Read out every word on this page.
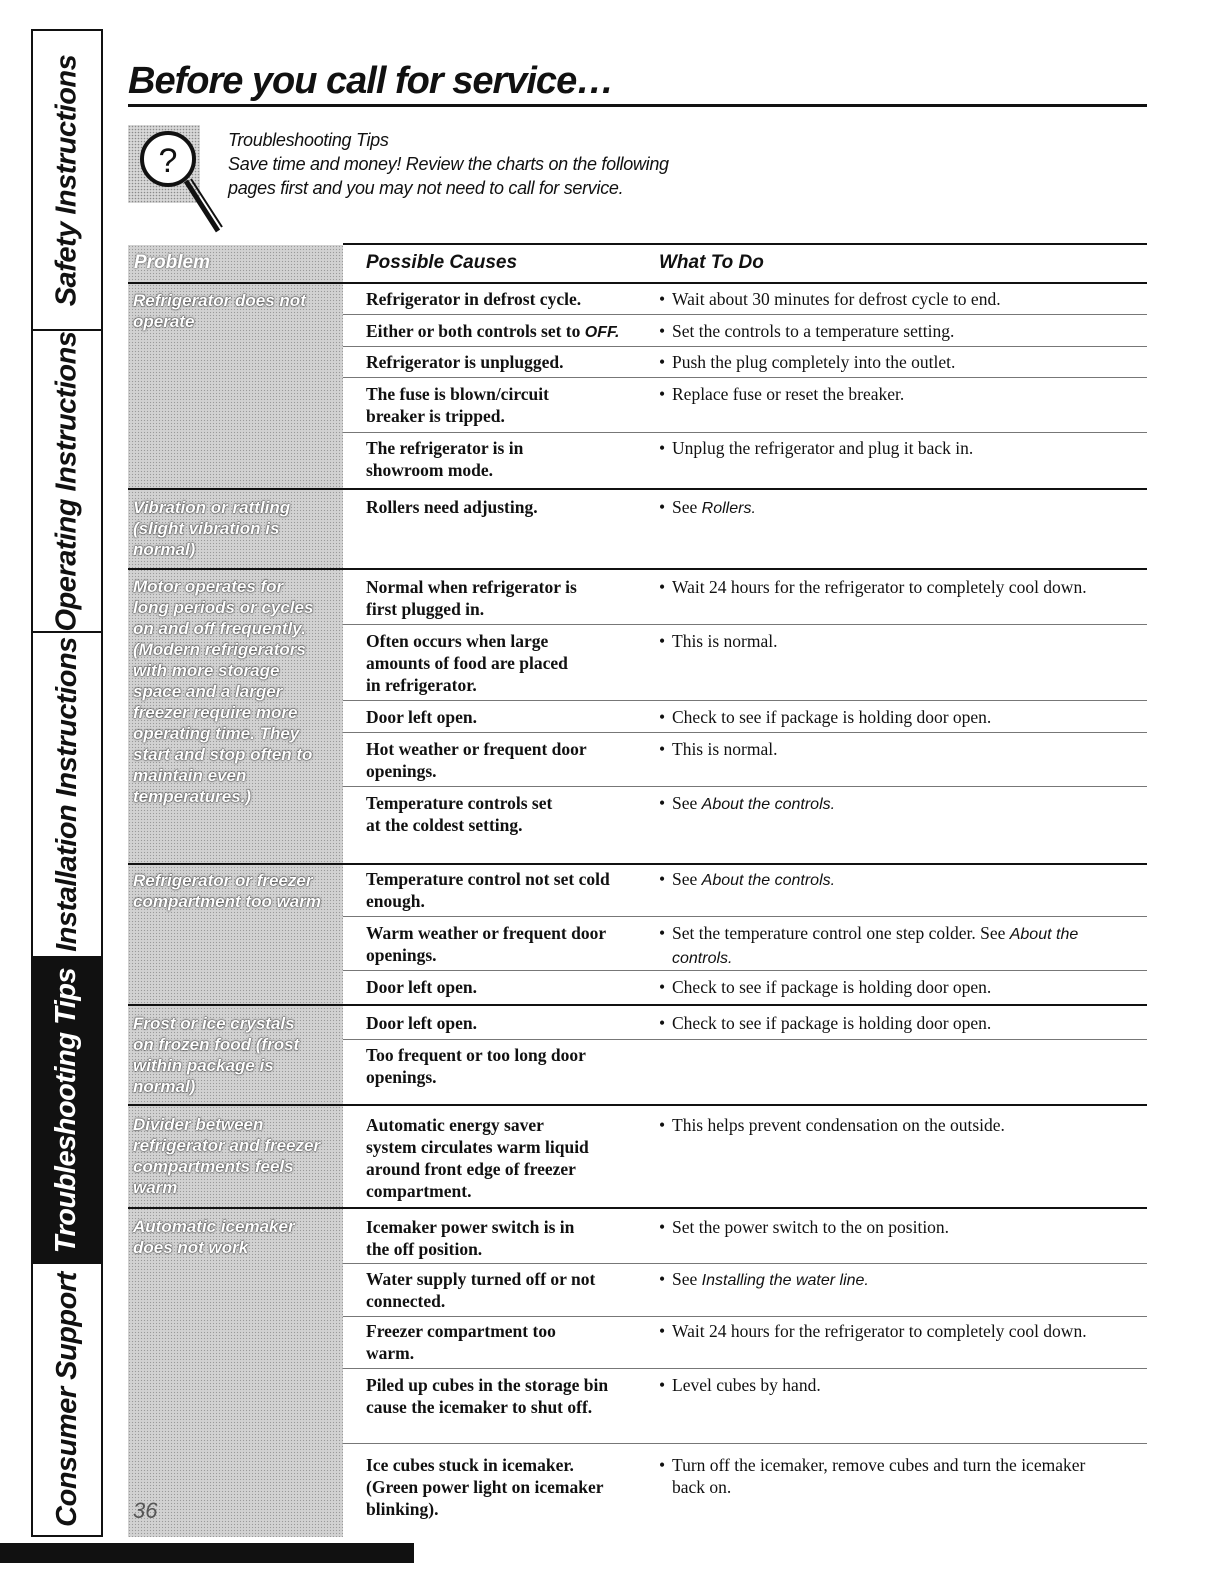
Safety Instructions
Operating Instructions
Installation Instructions
Troubleshooting Tips
Consumer Support
Before you call for service…
?
Troubleshooting Tips
Save time and money! Review the charts on the following
pages first and you may not need to call for service.
Problem	Possible Causes	What To Do
Refrigerator does not operate
Vibration or rattling (slight vibration is normal)
Motor operates for long periods or cycles on and off frequently. (Modern refrigerators with more storage space and a larger freezer require more operating time. They start and stop often to maintain even temperatures.)
Refrigerator or freezer compartment too warm
Frost or ice crystals on frozen food (frost within package is normal)
Divider between refrigerator and freezer compartments feels warm
Automatic icemaker does not work
Refrigerator in defrost cycle.
Either or both controls set to OFF.
Refrigerator is unplugged.
The fuse is blown/circuit breaker is tripped.
The refrigerator is in showroom mode.
Rollers need adjusting.
Normal when refrigerator is first plugged in.
Often occurs when large amounts of food are placed in refrigerator.
Door left open.
Hot weather or frequent door openings.
Temperature controls set at the coldest setting.
Temperature control not set cold enough.
Warm weather or frequent door openings.
Door left open.
Door left open.
Too frequent or too long door openings.
Automatic energy saver system circulates warm liquid around front edge of freezer compartment.
Icemaker power switch is in the off position.
Water supply turned off or not connected.
Freezer compartment too warm.
Piled up cubes in the storage bin cause the icemaker to shut off.
Ice cubes stuck in icemaker. (Green power light on icemaker blinking).
• Wait about 30 minutes for defrost cycle to end.
• Set the controls to a temperature setting.
• Push the plug completely into the outlet.
• Replace fuse or reset the breaker.
• Unplug the refrigerator and plug it back in.
• See Rollers.
• Wait 24 hours for the refrigerator to completely cool down.
• This is normal.
• Check to see if package is holding door open.
• This is normal.
• See About the controls.
• See About the controls.
• Set the temperature control one step colder. See About the controls.
• Check to see if package is holding door open.
• Check to see if package is holding door open.
• This helps prevent condensation on the outside.
• Set the power switch to the on position.
• See Installing the water line.
• Wait 24 hours for the refrigerator to completely cool down.
• Level cubes by hand.
• Turn off the icemaker, remove cubes and turn the icemaker back on.
36
